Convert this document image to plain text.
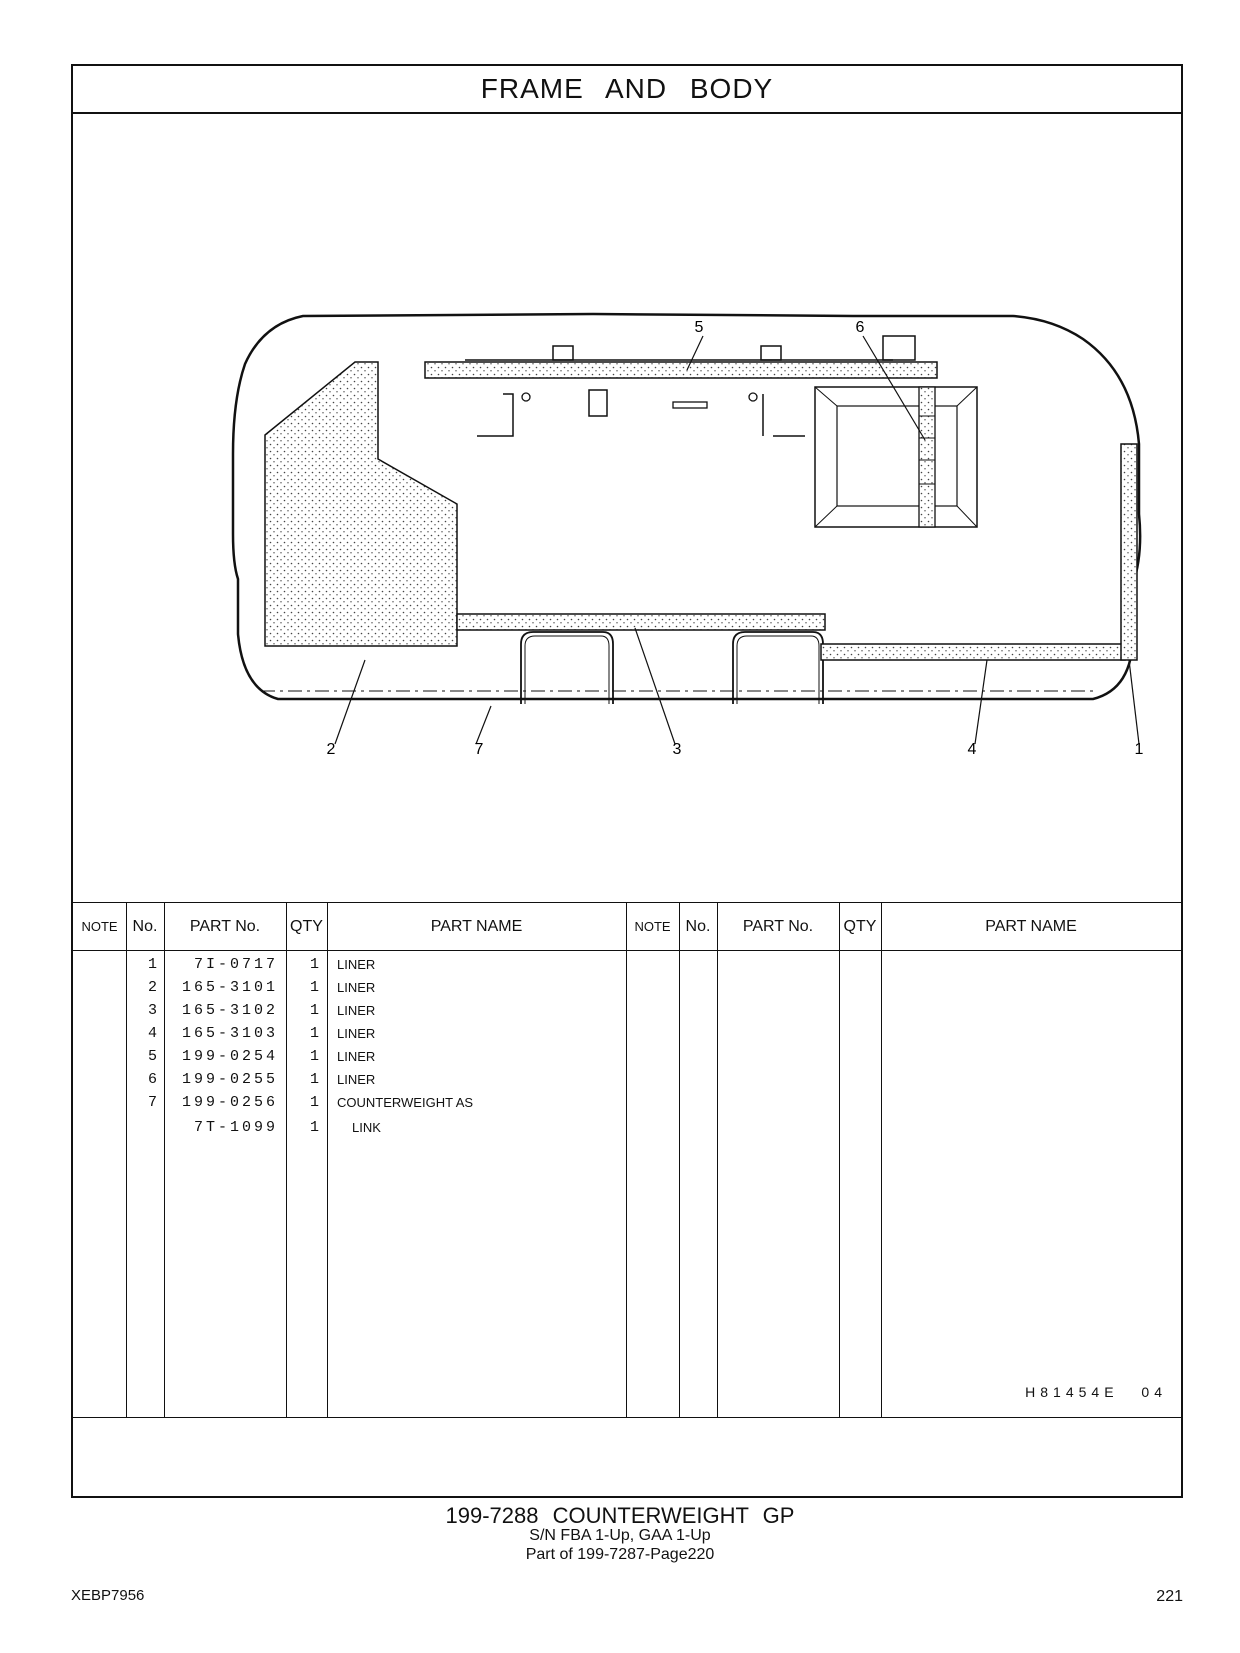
FRAME AND BODY
5	6
2	7	3	4	1
NOTE No.	PART No.	QTY	PART NAME	NOTE No.	PART No.	QTY	PART NAME
1	7I-0717	1 LINER
2	165-3101	1 LINER
3	165-3102	1 LINER
4	165-3103	1 LINER
5	199-0254	1 LINER
6	199-0255	1 LINER
7	199-0256	1 COUNTERWEIGHT AS
7T-1099	1	LINK
H81454E 04
199-7288 COUNTERWEIGHT GP
S/N FBA 1-Up, GAA 1-Up
Part of 199-7287-Page220
XEBP7956	221
